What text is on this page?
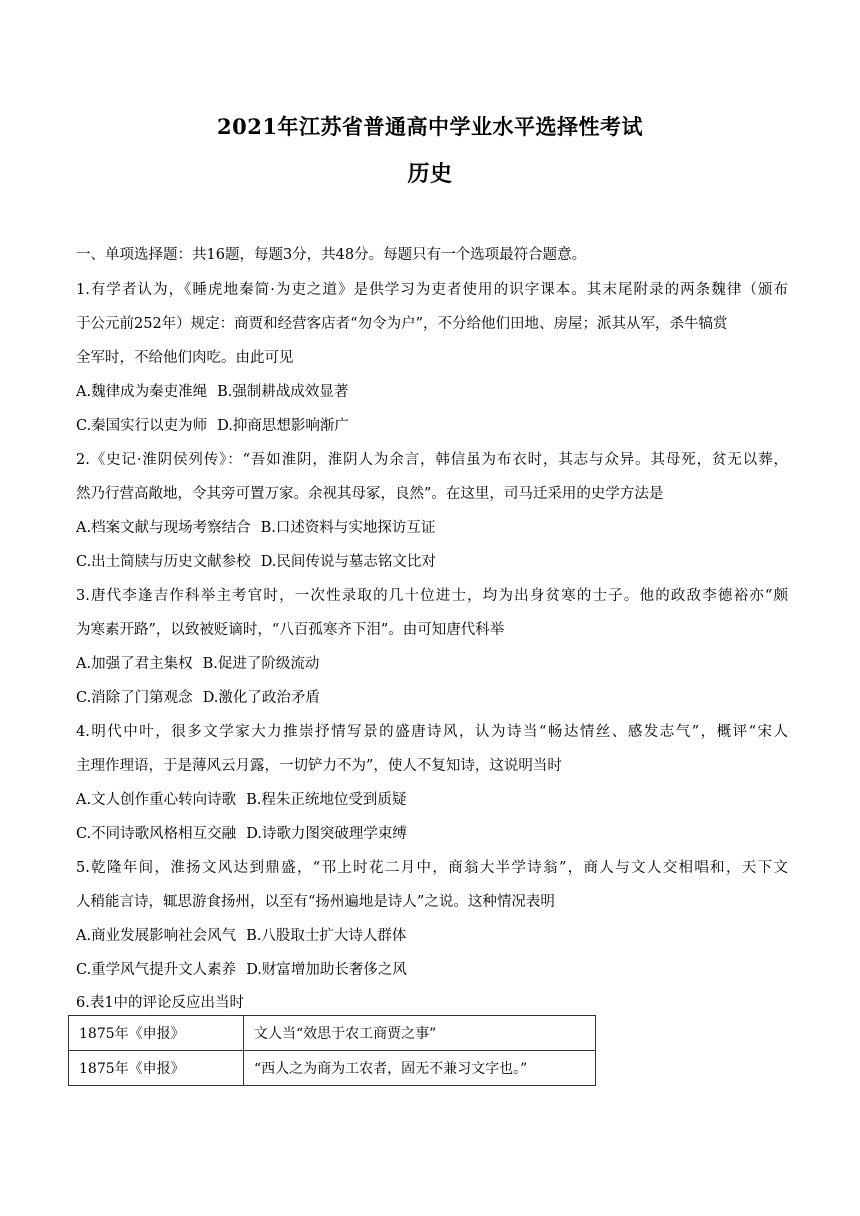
2021年江苏省普通高中学业水平选择性考试
历史
一、单项选择题：共16题，每题3分，共48分。每题只有一个选项最符合题意。
1.有学者认为，《睡虎地秦简·为吏之道》是供学习为吏者使用的识字课本。其末尾附录的两条魏律（颁布
于公元前252年）规定：商贾和经营客店者“勿令为户”，不分给他们田地、房屋；派其从军，杀牛犒赏
全军时，不给他们肉吃。由此可见
A.魏律成为秦吏准绳 B.强制耕战成效显著
C.秦国实行以吏为师 D.抑商思想影响渐广
2.《史记·淮阴侯列传》：“吾如淮阴，淮阴人为余言，韩信虽为布衣时，其志与众异。其母死，贫无以葬，
然乃行营高敞地，令其旁可置万家。余视其母冢，良然”。在这里，司马迁采用的史学方法是
A.档案文献与现场考察结合 B.口述资料与实地探访互证
C.出土简牍与历史文献参校 D.民间传说与墓志铭文比对
3.唐代李逢吉作科举主考官时，一次性录取的几十位进士，均为出身贫寒的士子。他的政敌李德裕亦“颇
为寒素开路”，以致被贬谪时，“八百孤寒齐下泪”。由可知唐代科举
A.加强了君主集权 B.促进了阶级流动
C.消除了门第观念 D.激化了政治矛盾
4.明代中叶，很多文学家大力推崇抒情写景的盛唐诗风，认为诗当“畅达情丝、感发志气”，概评“宋人
主理作理语，于是薄风云月露，一切铲力不为”，使人不复知诗，这说明当时
A.文人创作重心转向诗歌 B.程朱正统地位受到质疑
C.不同诗歌风格相互交融 D.诗歌力图突破理学束缚
5.乾隆年间，淮扬文风达到鼎盛，“邗上时花二月中，商翁大半学诗翁”，商人与文人交相唱和，天下文
人稍能言诗，辄思游食扬州，以至有“扬州遍地是诗人”之说。这种情况表明
A.商业发展影响社会风气 B.八股取士扩大诗人群体
C.重学风气提升文人素养 D.财富增加助长奢侈之风
6.表1中的评论反应出当时
1875年《申报》	文人当“效思于农工商贾之事”
1875年《申报》	“西人之为商为工农者，固无不兼习文字也。”
